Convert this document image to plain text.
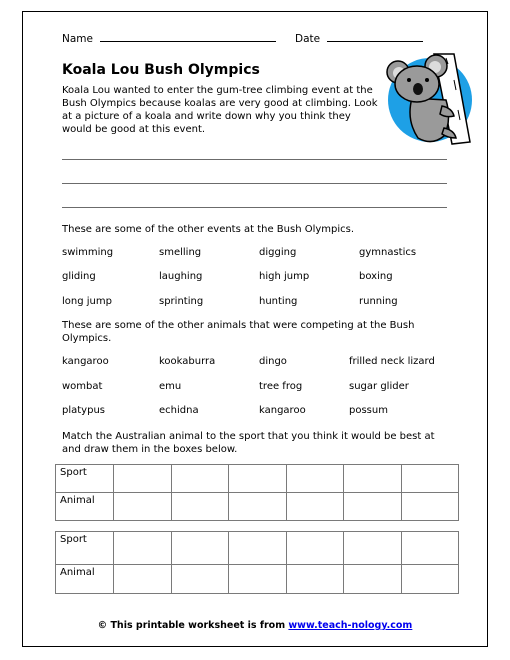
Name	Date
Koala Lou Bush Olympics
Koala Lou wanted to enter the gum-tree climbing event at the Bush Olympics because koalas are very good at climbing. Look at a picture of a koala and write down why you think they would be good at this event.
These are some of the other events at the Bush Olympics.
swimming	smelling	digging	gymnastics
gliding	laughing	high jump	boxing
long jump	sprinting	hunting	running
These are some of the other animals that were competing at the Bush Olympics.
kangaroo	kookaburra	dingo	frilled neck lizard
wombat	emu	tree frog	sugar glider
platypus	echidna	kangaroo	possum
Match the Australian animal to the sport that you think it would be best at and draw them in the boxes below.
Sport						
Animal						
Sport						
Animal						
© This printable worksheet is from www.teach-nology.com
